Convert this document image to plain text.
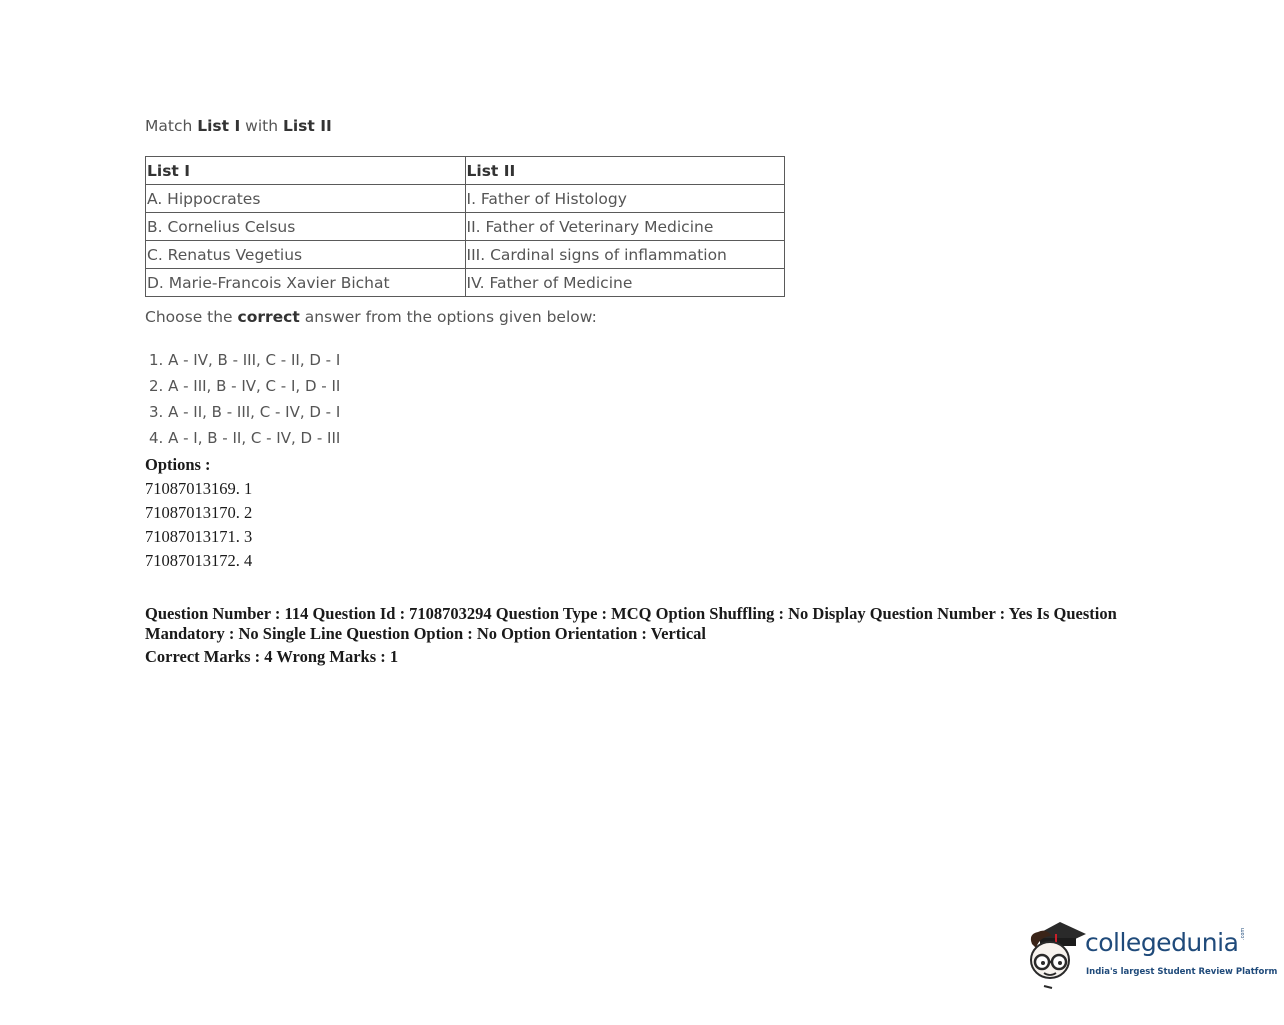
Match List I with List II
List I	List II
A. Hippocrates	I. Father of Histology
B. Cornelius Celsus	II. Father of Veterinary Medicine
C. Renatus Vegetius	III. Cardinal signs of inflammation
D. Marie-Francois Xavier Bichat	IV. Father of Medicine
Choose the correct answer from the options given below:
1. A - IV, B - III, C - II, D - I
2. A - III, B - IV, C - I, D - II
3. A - II, B - III, C - IV, D - I
4. A - I, B - II, C - IV, D - III
Options :
71087013169. 1
71087013170. 2
71087013171. 3
71087013172. 4
Question Number : 114 Question Id : 7108703294 Question Type : MCQ Option Shuffling : No Display Question Number : Yes Is Question Mandatory : No Single Line Question Option : No Option Orientation : Vertical
Correct Marks : 4 Wrong Marks : 1
collegedunia .com
India's largest Student Review Platform
